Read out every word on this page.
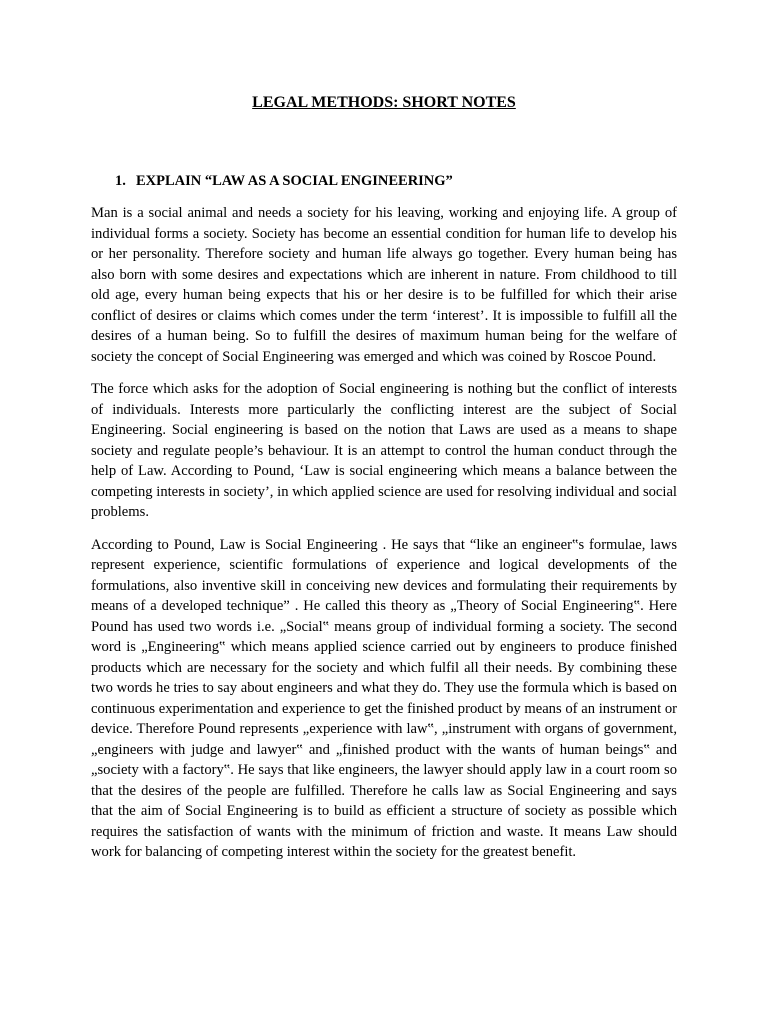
LEGAL METHODS: SHORT NOTES
1. EXPLAIN “LAW AS A SOCIAL ENGINEERING”

Man is a social animal and needs a society for his leaving, working and enjoying life. A group of individual forms a society. Society has become an essential condition for human life to develop his or her personality. Therefore society and human life always go together. Every human being has also born with some desires and expectations which are inherent in nature. From childhood to till old age, every human being expects that his or her desire is to be fulfilled for which their arise conflict of desires or claims which comes under the term ‘interest’. It is impossible to fulfill all the desires of a human being. So to fulfill the desires of maximum human being for the welfare of society the concept of Social Engineering was emerged and which was coined by Roscoe Pound.

The force which asks for the adoption of Social engineering is nothing but the conflict of interests of individuals. Interests more particularly the conflicting interest are the subject of Social Engineering. Social engineering is based on the notion that Laws are used as a means to shape society and regulate people’s behaviour. It is an attempt to control the human conduct through the help of Law. According to Pound, ‘Law is social engineering which means a balance between the competing interests in society’, in which applied science are used for resolving individual and social problems.

According to Pound, Law is Social Engineering . He says that “like an engineer‟s formulae, laws represent experience, scientific formulations of experience and logical developments of the formulations, also inventive skill in conceiving new devices and formulating their requirements by means of a developed technique” . He called this theory as „Theory of Social Engineering‟. Here Pound has used two words i.e. „Social‟ means group of individual forming a society. The second word is „Engineering‟ which means applied science carried out by engineers to produce finished products which are necessary for the society and which fulfil all their needs. By combining these two words he tries to say about engineers and what they do. They use the formula which is based on continuous experimentation and experience to get the finished product by means of an instrument or device. Therefore Pound represents „experience with law‟, „instrument with organs of government, „engineers with judge and lawyer‟ and „finished product with the wants of human beings‟ and „society with a factory‟. He says that like engineers, the lawyer should apply law in a court room so that the desires of the people are fulfilled. Therefore he calls law as Social Engineering and says that the aim of Social Engineering is to build as efficient a structure of society as possible which requires the satisfaction of wants with the minimum of friction and waste. It means Law should work for balancing of competing interest within the society for the greatest benefit.
